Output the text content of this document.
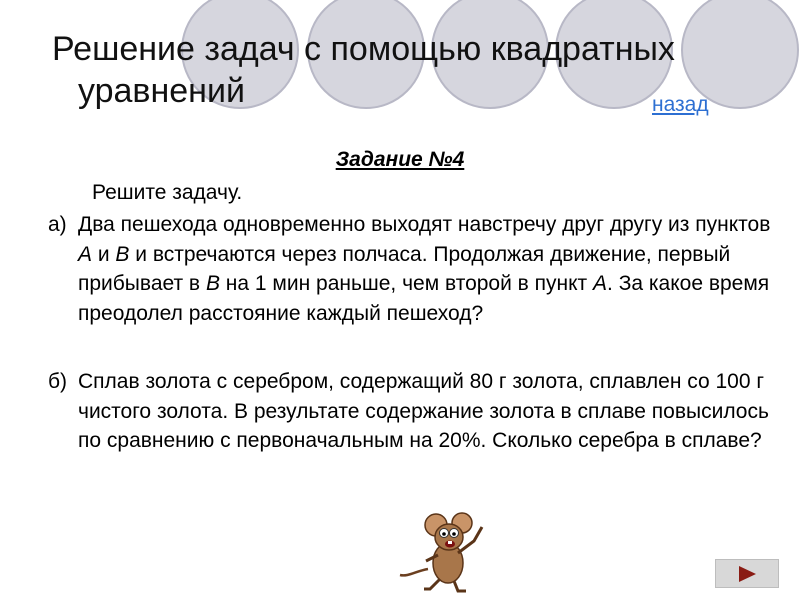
Решение задач с помощью квадратных
уравнений	назад
Задание №4
Решите задачу.
а) Два пешехода одновременно выходят навстречу друг другу из пунктов А и В и встречаются через полчаса. Продолжая движение, первый прибывает в В на 1 мин раньше, чем второй в пункт А. За какое время преодолел расстояние каждый пешеход?
б) Сплав золота с серебром, содержащий 80 г золота, сплавлен со 100 г чистого золота. В результате содержание золота в сплаве повысилось по сравнению с первоначальным на 20%. Сколько серебра в сплаве?
